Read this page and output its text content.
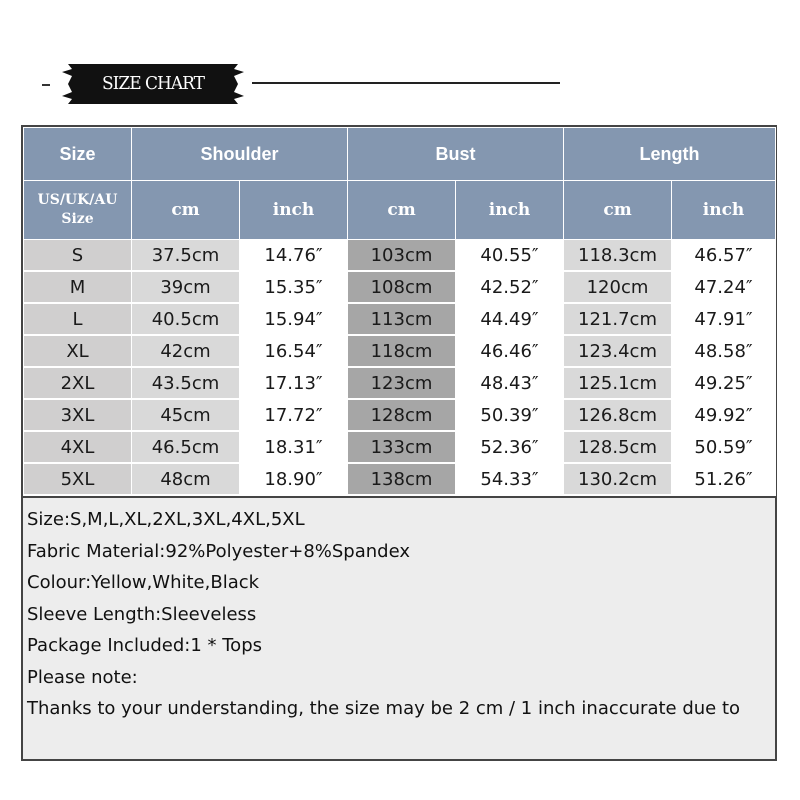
SIZE CHART
Size	Shoulder		Bust		Length	

US/UK/AU
Size	cm	inch	cm	inch	cm	inch
S	37.5cm	14.76″	103cm	40.55″	118.3cm	46.57″
M	39cm	15.35″	108cm	42.52″	120cm	47.24″
L	40.5cm	15.94″	113cm	44.49″	121.7cm	47.91″
XL	42cm	16.54″	118cm	46.46″	123.4cm	48.58″
2XL	43.5cm	17.13″	123cm	48.43″	125.1cm	49.25″
3XL	45cm	17.72″	128cm	50.39″	126.8cm	49.92″
4XL	46.5cm	18.31″	133cm	52.36″	128.5cm	50.59″
5XL	48cm	18.90″	138cm	54.33″	130.2cm	51.26″
Size:S,M,L,XL,2XL,3XL,4XL,5XL
Fabric Material:92%Polyester+8%Spandex
Colour:Yellow,White,Black
Sleeve Length:Sleeveless
Package Included:1 * Tops
Please note:
Thanks to your understanding, the size may be 2 cm / 1 inch inaccurate due to
